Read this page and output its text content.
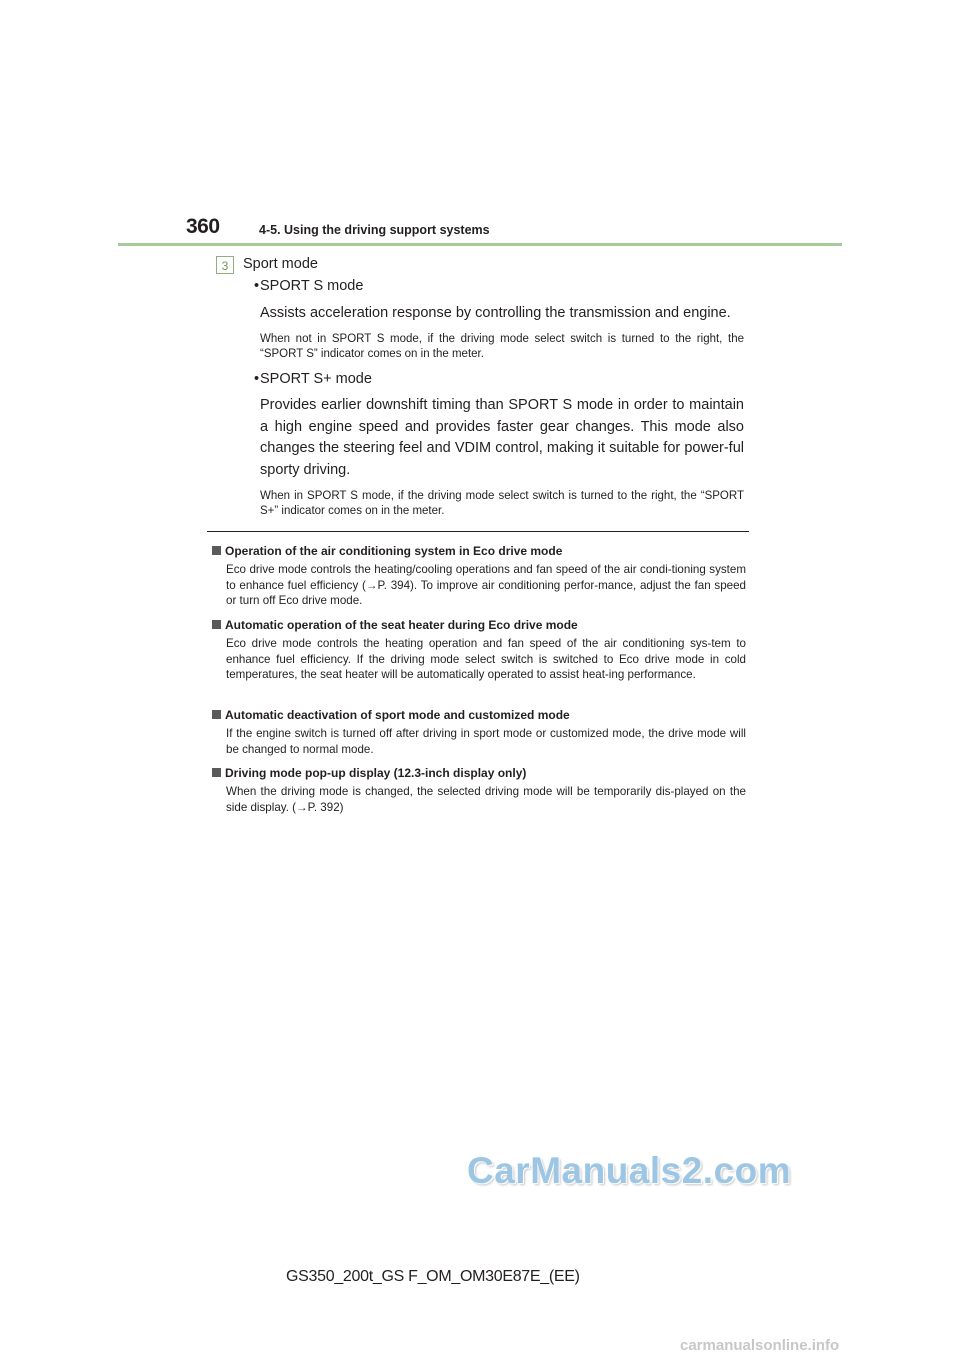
360	4-5. Using the driving support systems
3	Sport mode
• SPORT S mode
Assists acceleration response by controlling the transmission and engine.
When not in SPORT S mode, if the driving mode select switch is turned to the right, the “SPORT S” indicator comes on in the meter.
• SPORT S+ mode
Provides earlier downshift timing than SPORT S mode in order to maintain a high engine speed and provides faster gear changes. This mode also changes the steering feel and VDIM control, making it suitable for power-ful sporty driving.
When in SPORT S mode, if the driving mode select switch is turned to the right, the “SPORT S+” indicator comes on in the meter.
Operation of the air conditioning system in Eco drive mode
Eco drive mode controls the heating/cooling operations and fan speed of the air condi-tioning system to enhance fuel efficiency (→P. 394). To improve air conditioning perfor-mance, adjust the fan speed or turn off Eco drive mode.
Automatic operation of the seat heater during Eco drive mode
Eco drive mode controls the heating operation and fan speed of the air conditioning sys-tem to enhance fuel efficiency. If the driving mode select switch is switched to Eco drive mode in cold temperatures, the seat heater will be automatically operated to assist heat-ing performance.
Automatic deactivation of sport mode and customized mode
If the engine switch is turned off after driving in sport mode or customized mode, the drive mode will be changed to normal mode.
Driving mode pop-up display (12.3-inch display only)
When the driving mode is changed, the selected driving mode will be temporarily dis-played on the side display. (→P. 392)
CarManuals2.com
GS350_200t_GS F_OM_OM30E87E_(EE)
carmanualsonline.info
